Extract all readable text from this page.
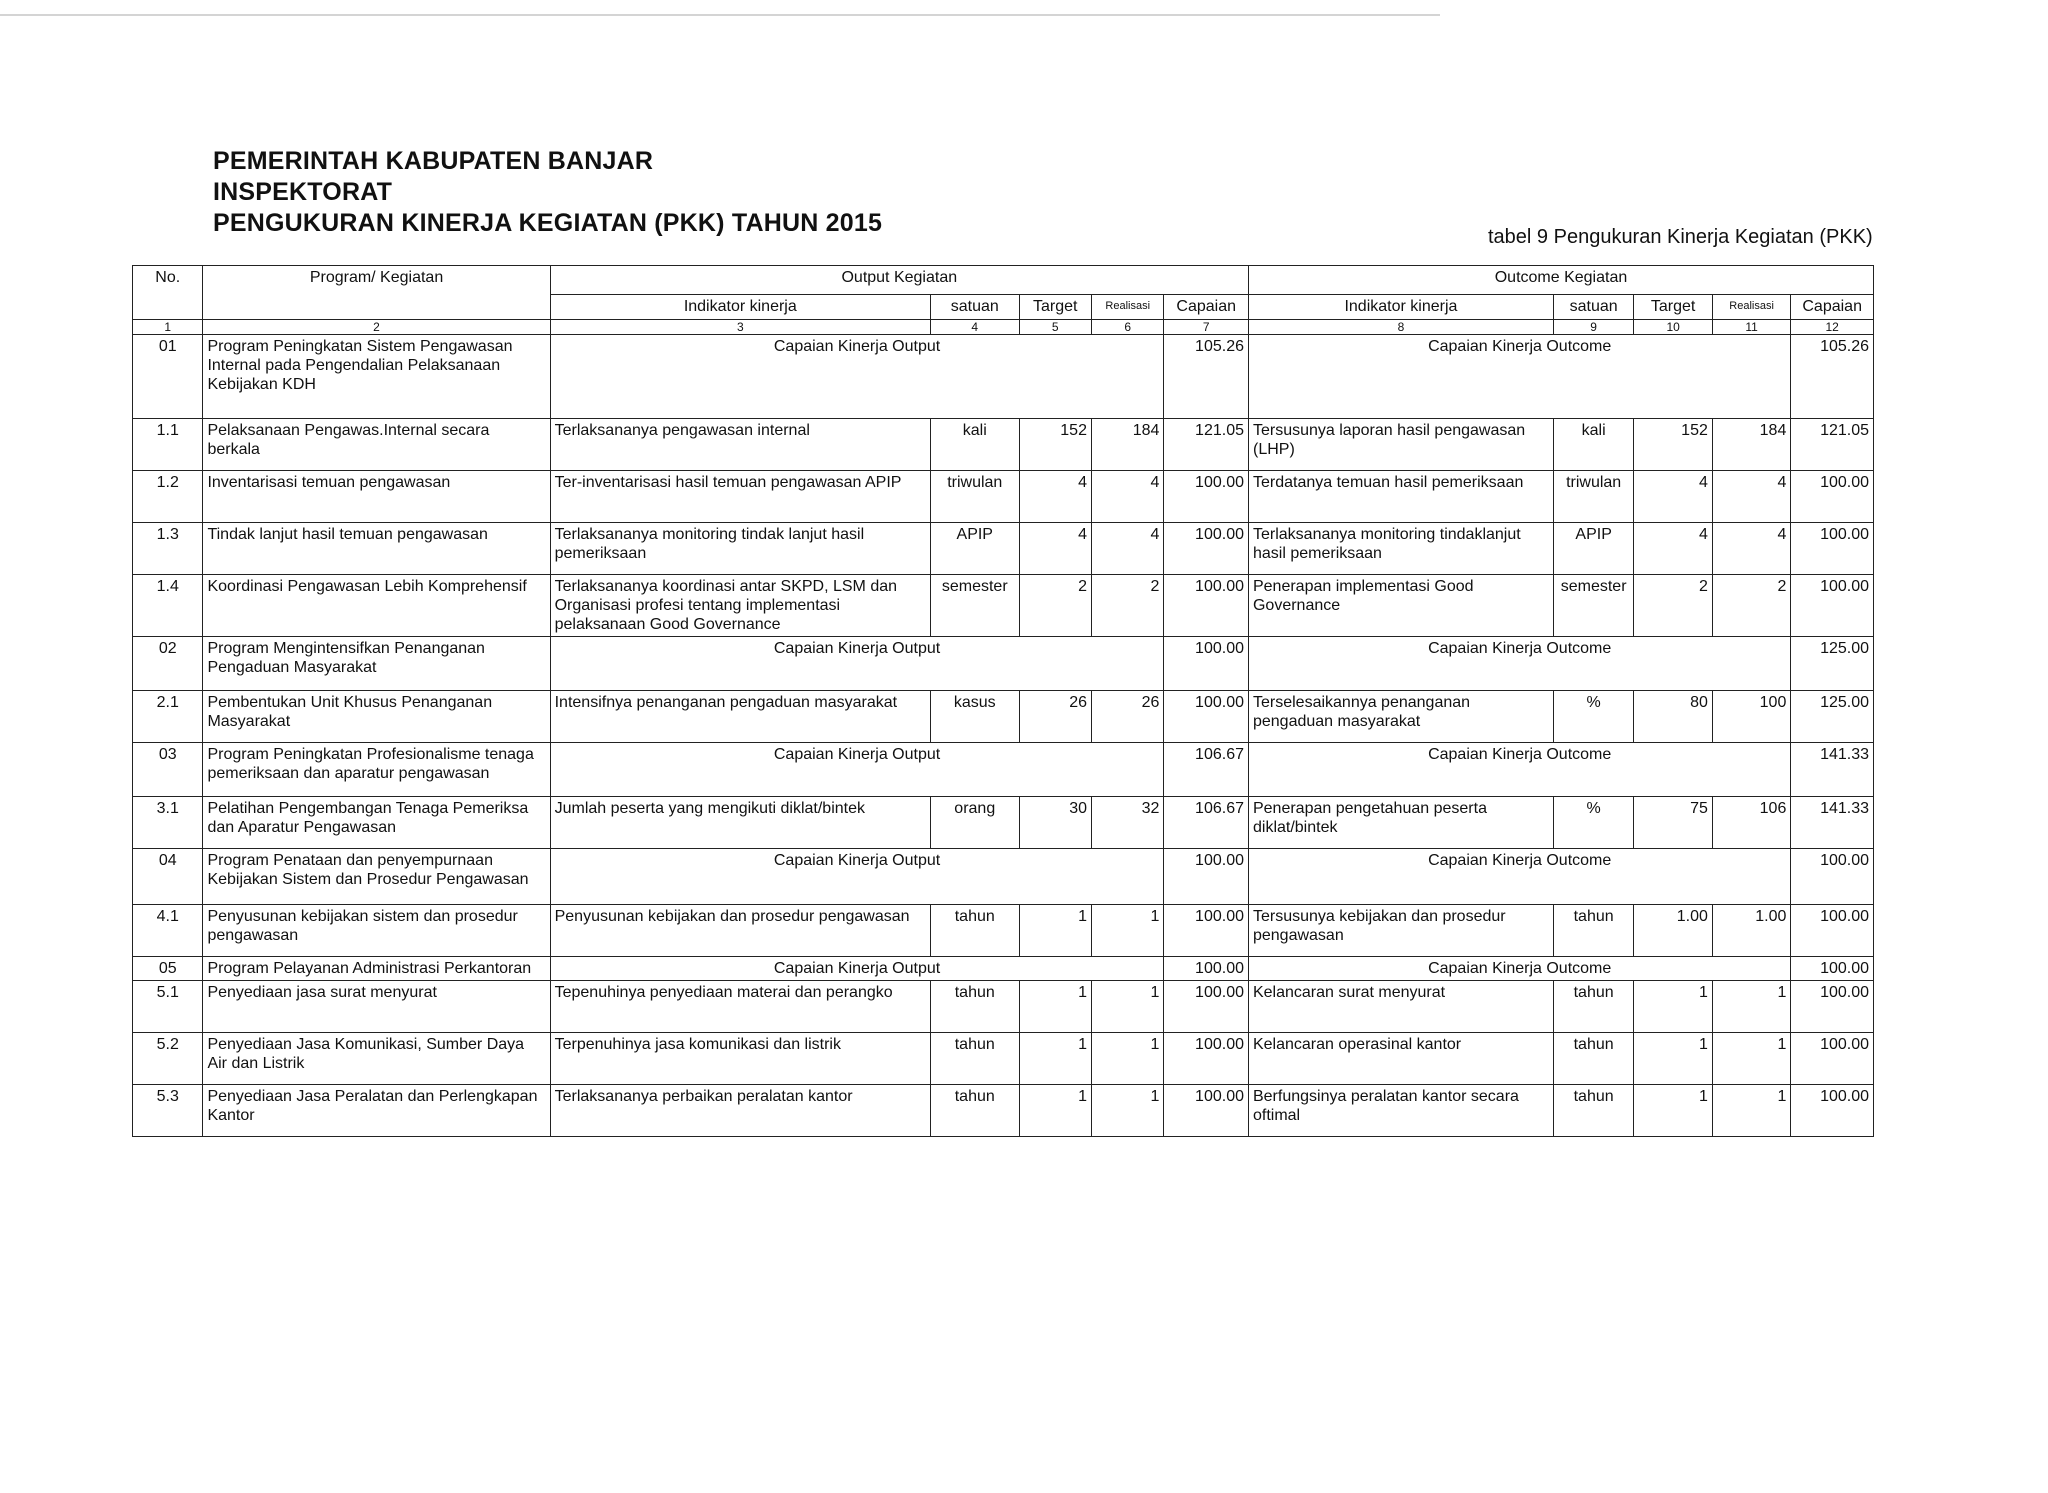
PEMERINTAH KABUPATEN BANJAR
INSPEKTORAT
PENGUKURAN KINERJA KEGIATAN (PKK) TAHUN 2015	tabel 9 Pengukuran Kinerja Kegiatan (PKK)
No.	Program/ Kegiatan	Output Kegiatan					Outcome Kegiatan				
		Indikator kinerja	satuan	Target	Realisasi	Capaian	Indikator kinerja	satuan	Target	Realisasi	Capaian
1	2	3	4	5	6	7	8	9	10	11	12
01	Program Peningkatan Sistem Pengawasan Internal pada Pengendalian Pelaksanaan Kebijakan KDH	Capaian Kinerja Output				105.26	Capaian Kinerja Outcome				105.26
1.1	Pelaksanaan Pengawas.Internal secara berkala	Terlaksananya pengawasan internal	kali	152	184	121.05	Tersusunya laporan hasil pengawasan (LHP)	kali	152	184	121.05
1.2	Inventarisasi temuan pengawasan	Ter-inventarisasi hasil temuan pengawasan APIP	triwulan	4	4	100.00	Terdatanya temuan hasil pemeriksaan	triwulan	4	4	100.00
1.3	Tindak lanjut hasil temuan pengawasan	Terlaksananya monitoring tindak lanjut hasil pemeriksaan	APIP	4	4	100.00	Terlaksananya monitoring tindaklanjut hasil pemeriksaan	APIP	4	4	100.00
1.4	Koordinasi Pengawasan Lebih Komprehensif	Terlaksananya koordinasi antar SKPD, LSM dan Organisasi profesi tentang implementasi pelaksanaan Good Governance	semester	2	2	100.00	Penerapan implementasi Good Governance	semester	2	2	100.00
02	Program Mengintensifkan Penanganan Pengaduan Masyarakat	Capaian Kinerja Output				100.00	Capaian Kinerja Outcome				125.00
2.1	Pembentukan Unit Khusus Penanganan Masyarakat	Intensifnya penanganan pengaduan masyarakat	kasus	26	26	100.00	Terselesaikannya penanganan pengaduan masyarakat	%	80	100	125.00
03	Program Peningkatan Profesionalisme tenaga pemeriksaan dan aparatur pengawasan	Capaian Kinerja Output				106.67	Capaian Kinerja Outcome				141.33
3.1	Pelatihan Pengembangan Tenaga Pemeriksa dan Aparatur Pengawasan	Jumlah peserta yang mengikuti diklat/bintek	orang	30	32	106.67	Penerapan pengetahuan peserta diklat/bintek	%	75	106	141.33
04	Program Penataan dan penyempurnaan Kebijakan Sistem dan Prosedur Pengawasan	Capaian Kinerja Output				100.00	Capaian Kinerja Outcome				100.00
4.1	Penyusunan kebijakan sistem dan prosedur pengawasan	Penyusunan kebijakan dan prosedur pengawasan	tahun	1	1	100.00	Tersusunya kebijakan dan prosedur pengawasan	tahun	1.00	1.00	100.00
05	Program Pelayanan Administrasi Perkantoran	Capaian Kinerja Output				100.00	Capaian Kinerja Outcome				100.00
5.1	Penyediaan jasa surat menyurat	Tepenuhinya penyediaan materai dan perangko	tahun	1	1	100.00	Kelancaran surat menyurat	tahun	1	1	100.00
5.2	Penyediaan Jasa Komunikasi, Sumber Daya Air dan Listrik	Terpenuhinya jasa komunikasi dan listrik	tahun	1	1	100.00	Kelancaran operasinal kantor	tahun	1	1	100.00
5.3	Penyediaan Jasa Peralatan dan Perlengkapan Kantor	Terlaksananya perbaikan peralatan kantor	tahun	1	1	100.00	Berfungsinya peralatan kantor secara oftimal	tahun	1	1	100.00
